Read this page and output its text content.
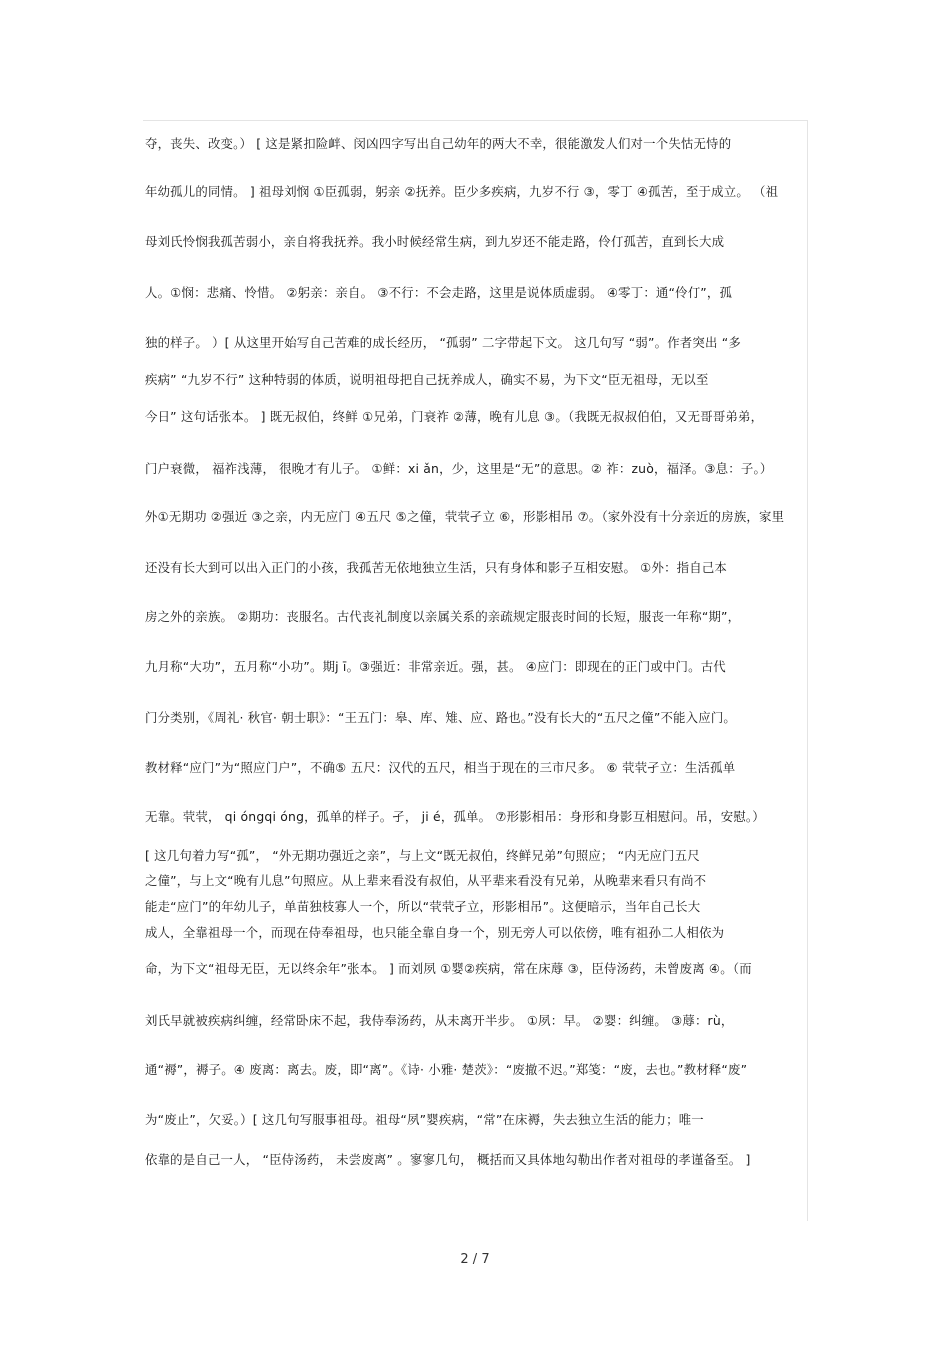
夺，丧失、改变。） [ 这是紧扣险衅、闵凶四字写出自己幼年的两大不幸，很能激发人们对一个失怙无恃的
年幼孤儿的同情。 ] 祖母刘悯 ①臣孤弱，躬亲 ②抚养。臣少多疾病，九岁不行 ③，零丁 ④孤苦，至于成立。 （祖
母刘氏怜悯我孤苦弱小，亲自将我抚养。我小时候经常生病，到九岁还不能走路，伶仃孤苦，直到长大成
人。①悯：悲痛、怜惜。 ②躬亲：亲自。 ③不行：不会走路，这里是说体质虚弱。 ④零丁：通“伶仃”，孤
独的样子。 ）[ 从这里开始写自己苦难的成长经历， “孤弱” 二字带起下文。 这几句写 “弱”。作者突出 “多
疾病” “九岁不行” 这种特弱的体质，说明祖母把自己抚养成人，确实不易，为下文“臣无祖母，无以至
今日” 这句话张本。 ] 既无叔伯，终鲜 ①兄弟，门衰祚 ②薄，晚有儿息 ③。（我既无叔叔伯伯，又无哥哥弟弟，
门户衰微， 福祚浅薄， 很晚才有儿子。 ①鲜：xi ǎn，少，这里是“无”的意思。② 祚：zuò，福泽。③息：子。）
外①无期功 ②强近 ③之亲，内无应门 ④五尺 ⑤之僮，茕茕孑立 ⑥，形影相吊 ⑦。（家外没有十分亲近的房族，家里
还没有长大到可以出入正门的小孩，我孤苦无依地独立生活，只有身体和影子互相安慰。 ①外：指自己本
房之外的亲族。 ②期功：丧服名。古代丧礼制度以亲属关系的亲疏规定服丧时间的长短，服丧一年称“期”，
九月称“大功”，五月称“小功”。期j ī。③强近：非常亲近。强，甚。 ④应门：即现在的正门或中门。古代
门分类别，《周礼· 秋官· 朝士职》：“王五门：皋、库、雉、应、路也。”没有长大的“五尺之僮”不能入应门。
教材释“应门”为“照应门户”，不确⑤ 五尺：汉代的五尺，相当于现在的三市尺多。 ⑥ 茕茕孑立：生活孤单
无靠。茕茕， qi óngqi óng，孤单的样子。孑， ji é，孤单。 ⑦形影相吊：身形和身影互相慰问。吊，安慰。）
[ 这几句着力写“孤”， “外无期功强近之亲”，与上文“既无叔伯，终鲜兄弟”句照应； “内无应门五尺
之僮”，与上文“晚有儿息”句照应。从上辈来看没有叔伯，从平辈来看没有兄弟，从晚辈来看只有尚不
能走“应门”的年幼儿子，单苗独枝寡人一个，所以“茕茕孑立，形影相吊”。这便暗示，当年自己长大
成人，全靠祖母一个，而现在侍奉祖母，也只能全靠自身一个，别无旁人可以依傍，唯有祖孙二人相依为
命，为下文“祖母无臣，无以终余年”张本。 ] 而刘夙 ①婴②疾病，常在床蓐 ③，臣侍汤药，未曾废离 ④。（而
刘氏早就被疾病纠缠，经常卧床不起，我侍奉汤药，从未离开半步。 ①夙：早。 ②婴：纠缠。 ③蓐：rù，
通“褥”，褥子。④ 废离：离去。废，即“离”。《诗· 小雅· 楚茨》：“废撤不迟。”郑笺：“废，去也。”教材释“废”
为“废止”，欠妥。）[ 这几句写服事祖母。祖母“夙”婴疾病，“常”在床褥，失去独立生活的能力；唯一
依靠的是自己一人， “臣侍汤药， 未尝废离” 。寥寥几句， 概括而又具体地勾勒出作者对祖母的孝谨备至。 ]
2 / 7
